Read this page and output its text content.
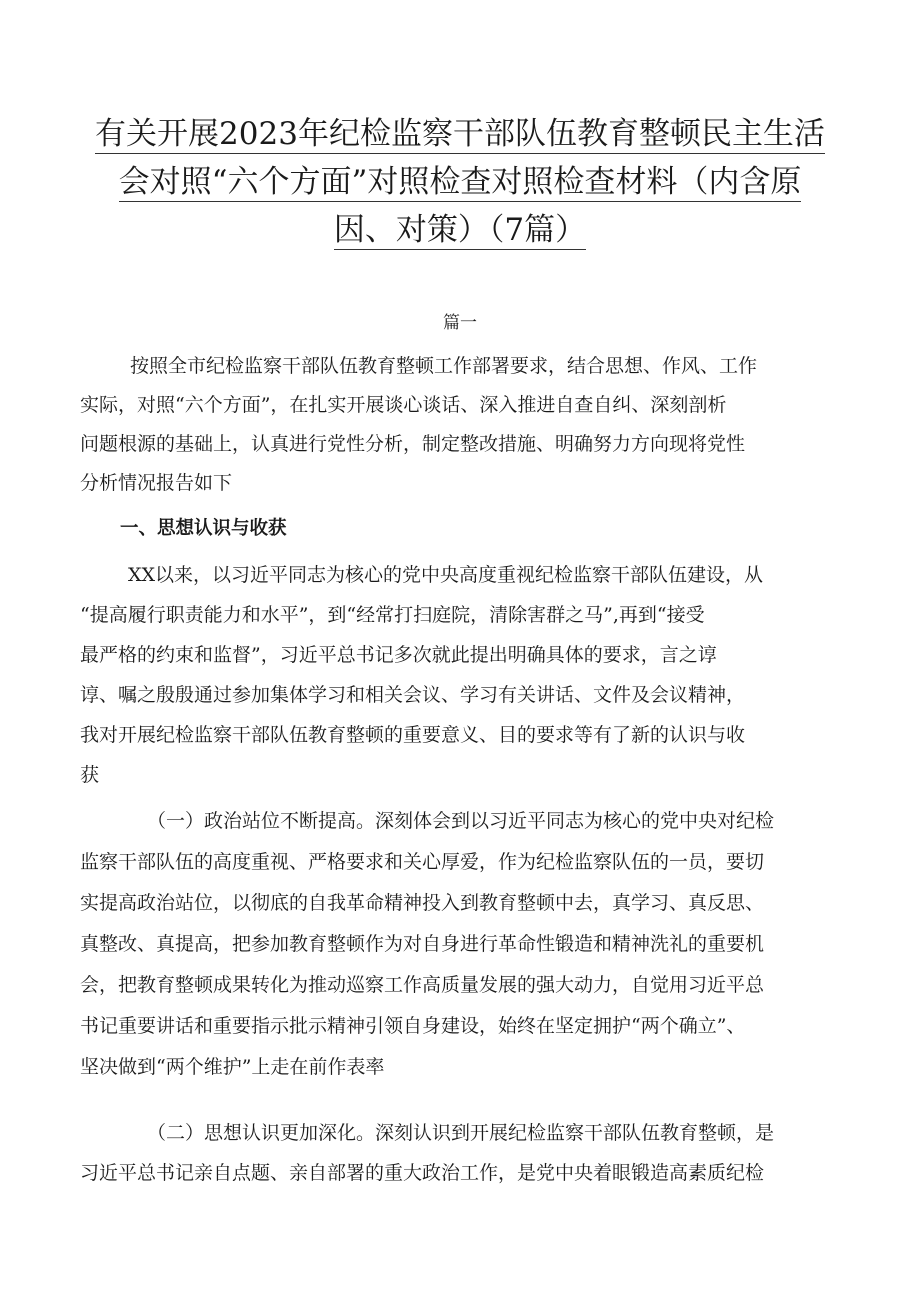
有关开展2023年纪检监察干部队伍教育整顿民主生活
会对照“六个方面”对照检查对照检查材料（内含原
因、对策）（7篇）
篇一
按照全市纪检监察干部队伍教育整顿工作部署要求，结合思想、作风、工作
实际，对照“六个方面”，在扎实开展谈心谈话、深入推进自查自纠、深刻剖析
问题根源的基础上，认真进行党性分析，制定整改措施、明确努力方向现将党性
分析情况报告如下
一、思想认识与收获
XX以来，以习近平同志为核心的党中央高度重视纪检监察干部队伍建设，从
“提高履行职责能力和水平”，到“经常打扫庭院，清除害群之马”,再到“接受
最严格的约束和监督”，习近平总书记多次就此提出明确具体的要求，言之谆
谆、嘱之殷殷通过参加集体学习和相关会议、学习有关讲话、文件及会议精神，
我对开展纪检监察干部队伍教育整顿的重要意义、目的要求等有了新的认识与收
获
（一）政治站位不断提高。深刻体会到以习近平同志为核心的党中央对纪检
监察干部队伍的高度重视、严格要求和关心厚爱，作为纪检监察队伍的一员，要切
实提高政治站位，以彻底的自我革命精神投入到教育整顿中去，真学习、真反思、
真整改、真提高，把参加教育整顿作为对自身进行革命性锻造和精神洗礼的重要机
会，把教育整顿成果转化为推动巡察工作高质量发展的强大动力，自觉用习近平总
书记重要讲话和重要指示批示精神引领自身建设，始终在坚定拥护“两个确立”、
坚决做到“两个维护”上走在前作表率
（二）思想认识更加深化。深刻认识到开展纪检监察干部队伍教育整顿，是
习近平总书记亲自点题、亲自部署的重大政治工作，是党中央着眼锻造高素质纪检
